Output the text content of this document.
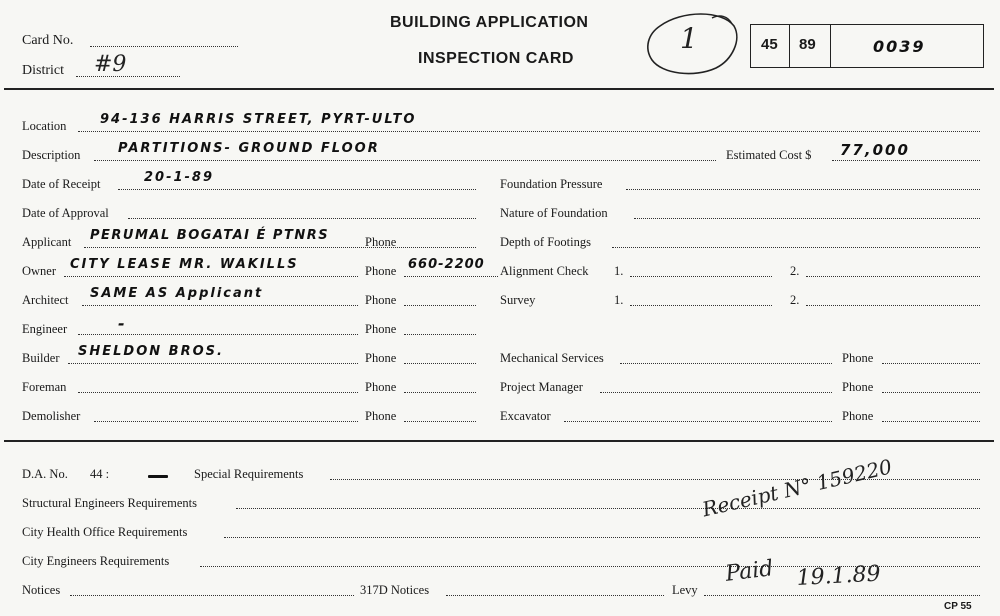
Card No.
District #9
BUILDING APPLICATION
INSPECTION CARD
1	45 89	0039
Location	94-136 HARRIS STREET, PYRT-ULTO
Description	PARTITIONS- GROUND FLOOR	Estimated Cost $ 77,000
Date of Receipt	20-1-89
Date of Approval
Applicant PERUMAL BOGATAI É PTNRS	Phone
Owner CITY LEASE MR. WAKILLS	Phone 660-2200
Architect SAME AS Applicant	Phone
Engineer	-	Phone
Builder SHELDON BROS.	Phone
Foreman	Phone
Demolisher	Phone
Foundation Pressure
Nature of Foundation
Depth of Footings
Alignment Check 1.	2.
Survey	1.	2.
Mechanical Services	Phone
Project Manager	Phone
Excavator	Phone
D.A. No. 44 :	Special Requirements
Structural Engineers Requirements
City Health Office Requirements
City Engineers Requirements
Notices	317D Notices	Levy
Receipt N° 159220
Paid 19.1.89
CP 55
